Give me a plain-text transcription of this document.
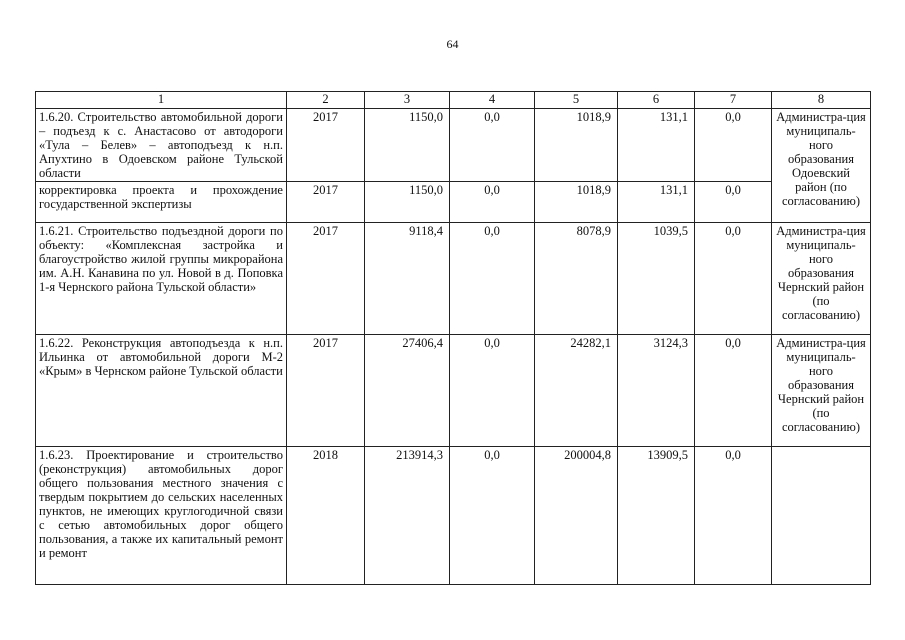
64
1	2	3	4	5	6	7	8
1.6.20. Строительство автомобильной дороги – подъезд к с. Анастасово от автодороги «Тула – Белев» – автоподъезд к н.п. Апухтино в Одоевском районе Тульской области	2017	1150,0	0,0	1018,9	131,1	0,0	Администра-ция муниципаль-ного образования Одоевский район (по согласованию)
корректировка проекта и прохождение государственной экспертизы	2017	1150,0	0,0	1018,9	131,1	0,0	
1.6.21. Строительство подъездной дороги по объекту: «Комплексная застройка и благоустройство жилой группы микрорайона им. А.Н. Канавина по ул. Новой в д. Поповка 1-я Чернского района Тульской области»	2017	9118,4	0,0	8078,9	1039,5	0,0	Администра-ция муниципаль-ного образования Чернский район (по согласованию)
1.6.22. Реконструкция автоподъезда к н.п. Ильинка от автомобильной дороги М-2 «Крым» в Чернском районе Тульской области	2017	27406,4	0,0	24282,1	3124,3	0,0	Администра-ция муниципаль-ного образования Чернский район (по согласованию)
1.6.23. Проектирование и строительство (реконструкция) автомобильных дорог общего пользования местного значения с твердым покрытием до сельских населенных пунктов, не имеющих круглогодичной связи с сетью автомобильных дорог общего пользования, а также их капитальный ремонт и ремонт	2018	213914,3	0,0	200004,8	13909,5	0,0	
